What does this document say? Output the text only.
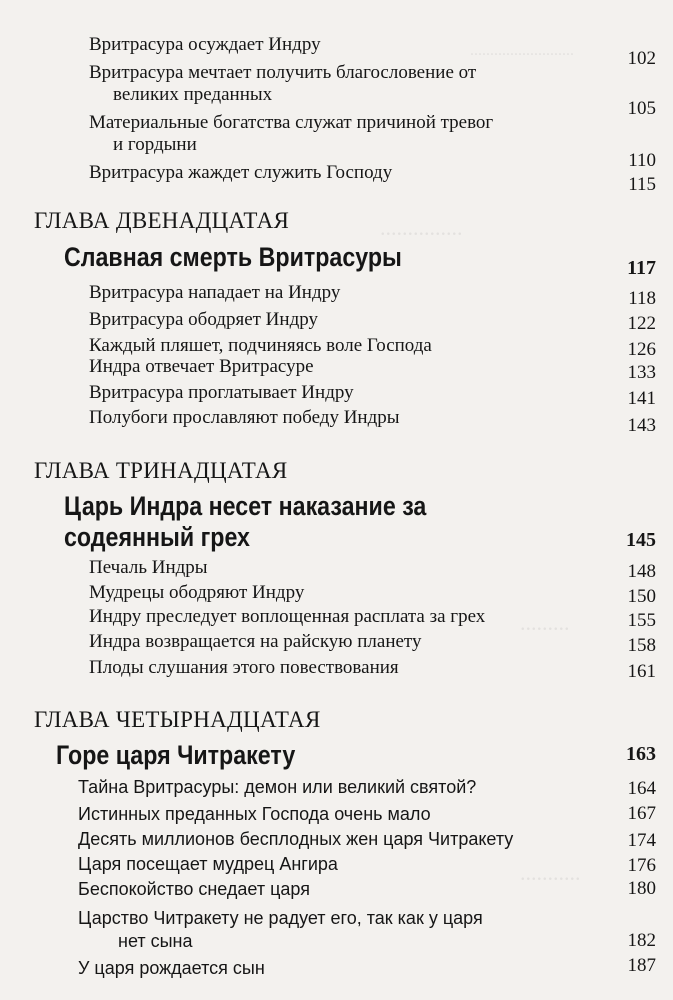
..........................
...............
.........
...........
Вритрасура осуждает Индру
102
Вритрасура мечтает получить благословение от
великих преданных
105
Материальные богатства служат причиной тревог
и гордыни
110
Вритрасура жаждет служить Господу
115
ГЛАВА ДВЕНАДЦАТАЯ
Славная смерть Вритрасуры	117
Вритрасура нападает на Индру	118
Вритрасура ободряет Индру	122
Каждый пляшет, подчиняясь воле Господа	126
Индра отвечает Вритрасуре	133
Вритрасура проглатывает Индру	141
Полубоги прославляют победу Индры	143
ГЛАВА ТРИНАДЦАТАЯ
Царь Индра несет наказание за
содеянный грех	145
Печаль Индры	148
Мудрецы ободряют Индру	150
Индру преследует воплощенная расплата за грех	155
Индра возвращается на райскую планету	158
Плоды слушания этого повествования	161
ГЛАВА ЧЕТЫРНАДЦАТАЯ
Горе царя Читракету	163
Тайна Вритрасуры: демон или великий святой?	164
Истинных преданных Господа очень мало	167
Десять миллионов бесплодных жен царя Читракету	174
Царя посещает мудрец Ангира	176
Беспокойство снедает царя	180
Царство Читракету не радует его, так как у царя
нет сына	182
У царя рождается сын	187
